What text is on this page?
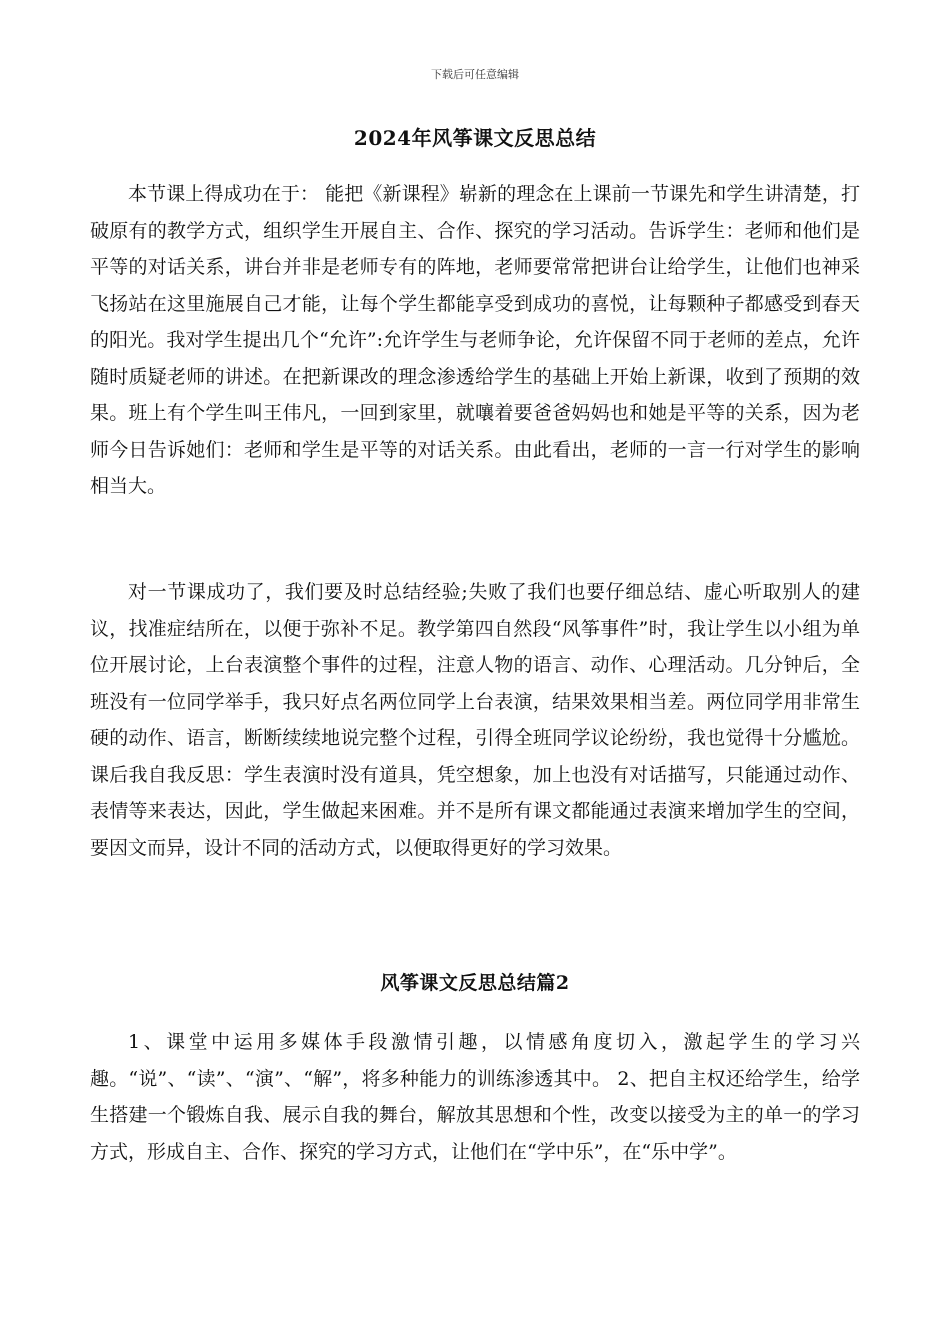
下载后可任意编辑
2024年风筝课文反思总结

本节课上得成功在于： 能把《新课程》崭新的理念在上课前一节课先和学生讲清楚，打破原有的教学方式，组织学生开展自主、合作、探究的学习活动。告诉学生：老师和他们是平等的对话关系，讲台并非是老师专有的阵地，老师要常常把讲台让给学生，让他们也神采飞扬站在这里施展自己才能，让每个学生都能享受到成功的喜悦，让每颗种子都感受到春天的阳光。我对学生提出几个“允许”:允许学生与老师争论，允许保留不同于老师的差点，允许随时质疑老师的讲述。在把新课改的理念渗透给学生的基础上开始上新课，收到了预期的效果。班上有个学生叫王伟凡，一回到家里，就嚷着要爸爸妈妈也和她是平等的关系，因为老师今日告诉她们：老师和学生是平等的对话关系。由此看出，老师的一言一行对学生的影响相当大。

对一节课成功了，我们要及时总结经验;失败了我们也要仔细总结、虚心听取别人的建议，找准症结所在，以便于弥补不足。教学第四自然段“风筝事件”时，我让学生以小组为单位开展讨论，上台表演整个事件的过程，注意人物的语言、动作、心理活动。几分钟后，全班没有一位同学举手，我只好点名两位同学上台表演，结果效果相当差。两位同学用非常生硬的动作、语言，断断续续地说完整个过程，引得全班同学议论纷纷，我也觉得十分尴尬。课后我自我反思：学生表演时没有道具，凭空想象，加上也没有对话描写，只能通过动作、表情等来表达，因此，学生做起来困难。并不是所有课文都能通过表演来增加学生的空间，要因文而异，设计不同的活动方式，以便取得更好的学习效果。

风筝课文反思总结篇2

1、课堂中运用多媒体手段激情引趣，以情感角度切入，激起学生的学习兴趣。“说”、“读”、“演”、“解”，将多种能力的训练渗透其中。 2、把自主权还给学生，给学生搭建一个锻炼自我、展示自我的舞台，解放其思想和个性，改变以接受为主的单一的学习方式，形成自主、合作、探究的学习方式，让他们在“学中乐”，在“乐中学”。
